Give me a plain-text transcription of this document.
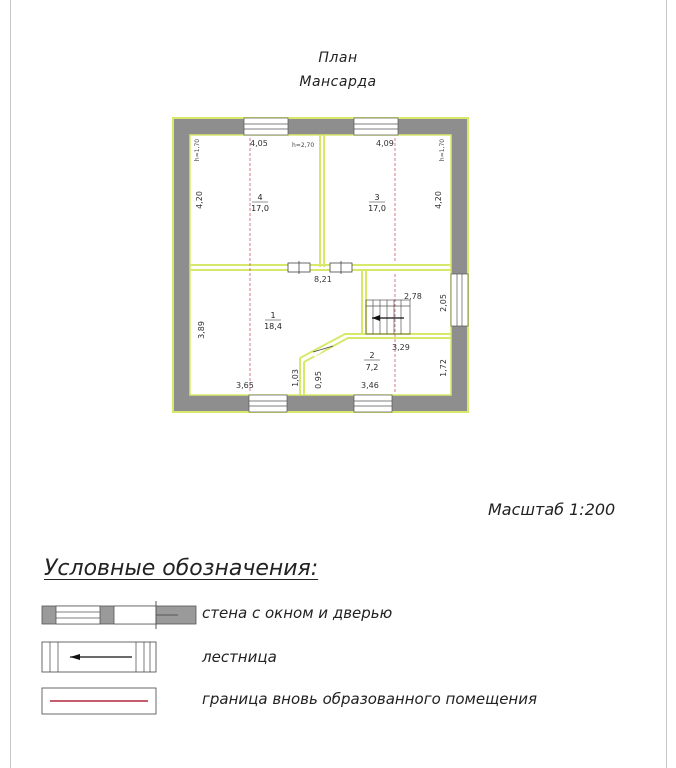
План
Мансарда
4
17,0
3
17,0
1
18,4
2
7,2
4,05	h=2,70
h=1,70
4,20
4,09	h=1,70
4,20
8,21
2,78 2,05
3,89
3,29
1,72
3,65	1,03 0,95	3,46
Масштаб 1:200
Условные обозначения:
стена с окном и дверью
лестница
граница вновь образованного помещения
